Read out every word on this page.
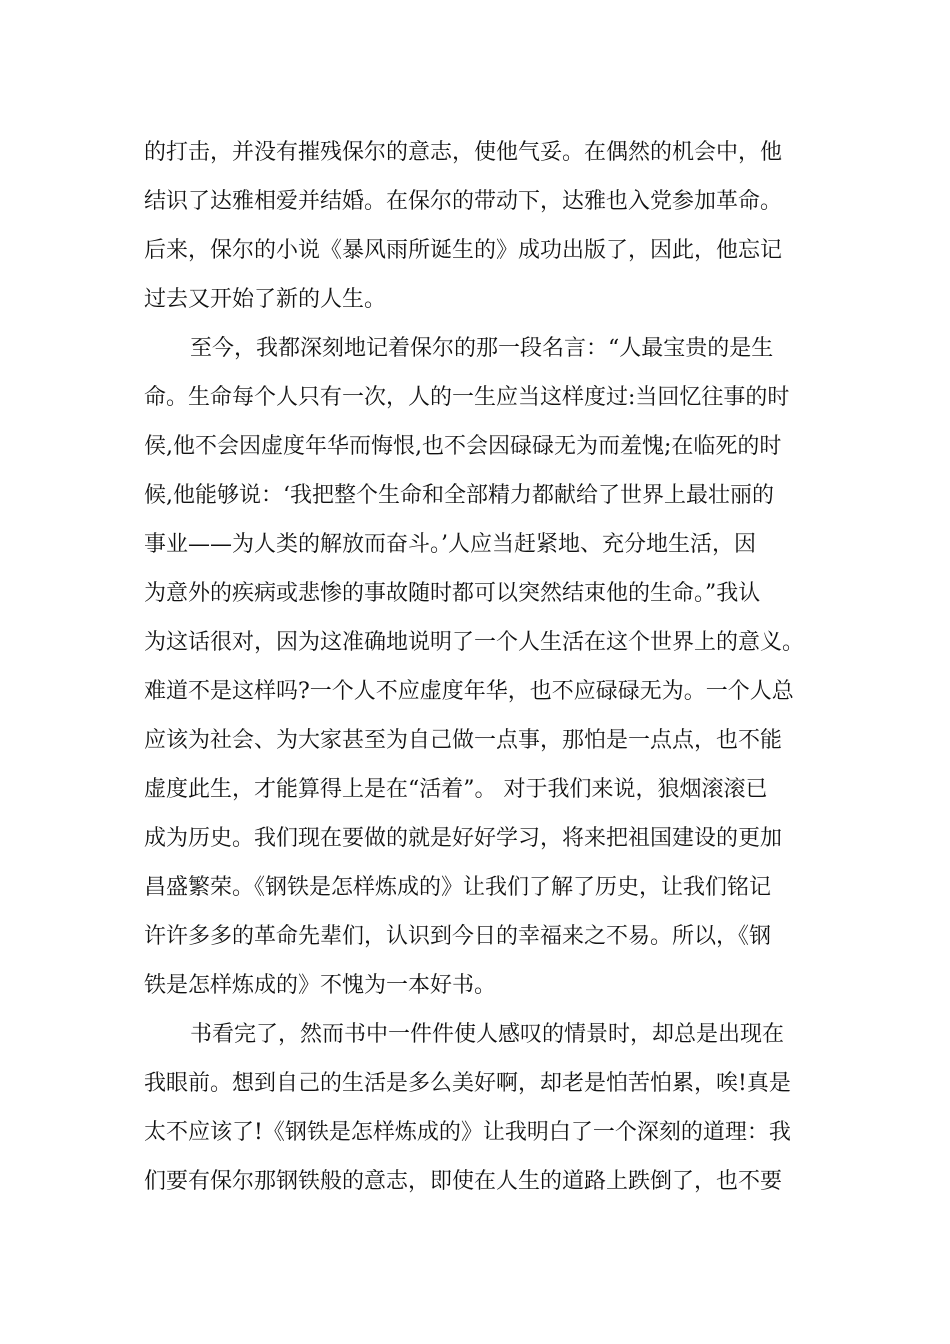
的打击，并没有摧残保尔的意志，使他气妥。在偶然的机会中，他
结识了达雅相爱并结婚。在保尔的带动下，达雅也入党参加革命。
后来，保尔的小说《暴风雨所诞生的》成功出版了，因此，他忘记
过去又开始了新的人生。
至今，我都深刻地记着保尔的那一段名言：“人最宝贵的是生
命。生命每个人只有一次，人的一生应当这样度过:当回忆往事的时
侯,他不会因虚度年华而悔恨,也不会因碌碌无为而羞愧;在临死的时
候,他能够说：‘我把整个生命和全部精力都献给了世界上最壮丽的
事业——为人类的解放而奋斗。’人应当赶紧地、充分地生活，因
为意外的疾病或悲惨的事故随时都可以突然结束他的生命。”我认
为这话很对，因为这准确地说明了一个人生活在这个世界上的意义。
难道不是这样吗?一个人不应虚度年华，也不应碌碌无为。一个人总
应该为社会、为大家甚至为自己做一点事，那怕是一点点，也不能
虚度此生，才能算得上是在“活着”。 对于我们来说，狼烟滚滚已
成为历史。我们现在要做的就是好好学习，将来把祖国建设的更加
昌盛繁荣。《钢铁是怎样炼成的》让我们了解了历史，让我们铭记
许许多多的革命先辈们，认识到今日的幸福来之不易。所以，《钢
铁是怎样炼成的》不愧为一本好书。
书看完了，然而书中一件件使人感叹的情景时，却总是出现在
我眼前。想到自己的生活是多么美好啊，却老是怕苦怕累，唉!真是
太不应该了!《钢铁是怎样炼成的》让我明白了一个深刻的道理：我
们要有保尔那钢铁般的意志，即使在人生的道路上跌倒了，也不要
